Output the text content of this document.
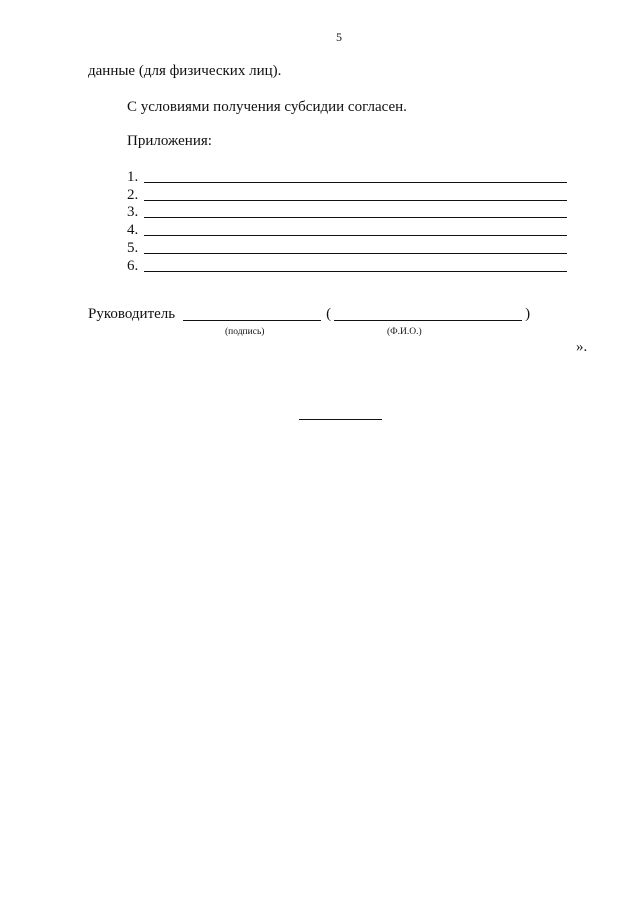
5
данные (для физических лиц).
С условиями получения субсидии согласен.
Приложения:
1.
2.
3.
4.
5.
6.
Руководитель	(	)
(подпись)	(Ф.И.О.)
».
